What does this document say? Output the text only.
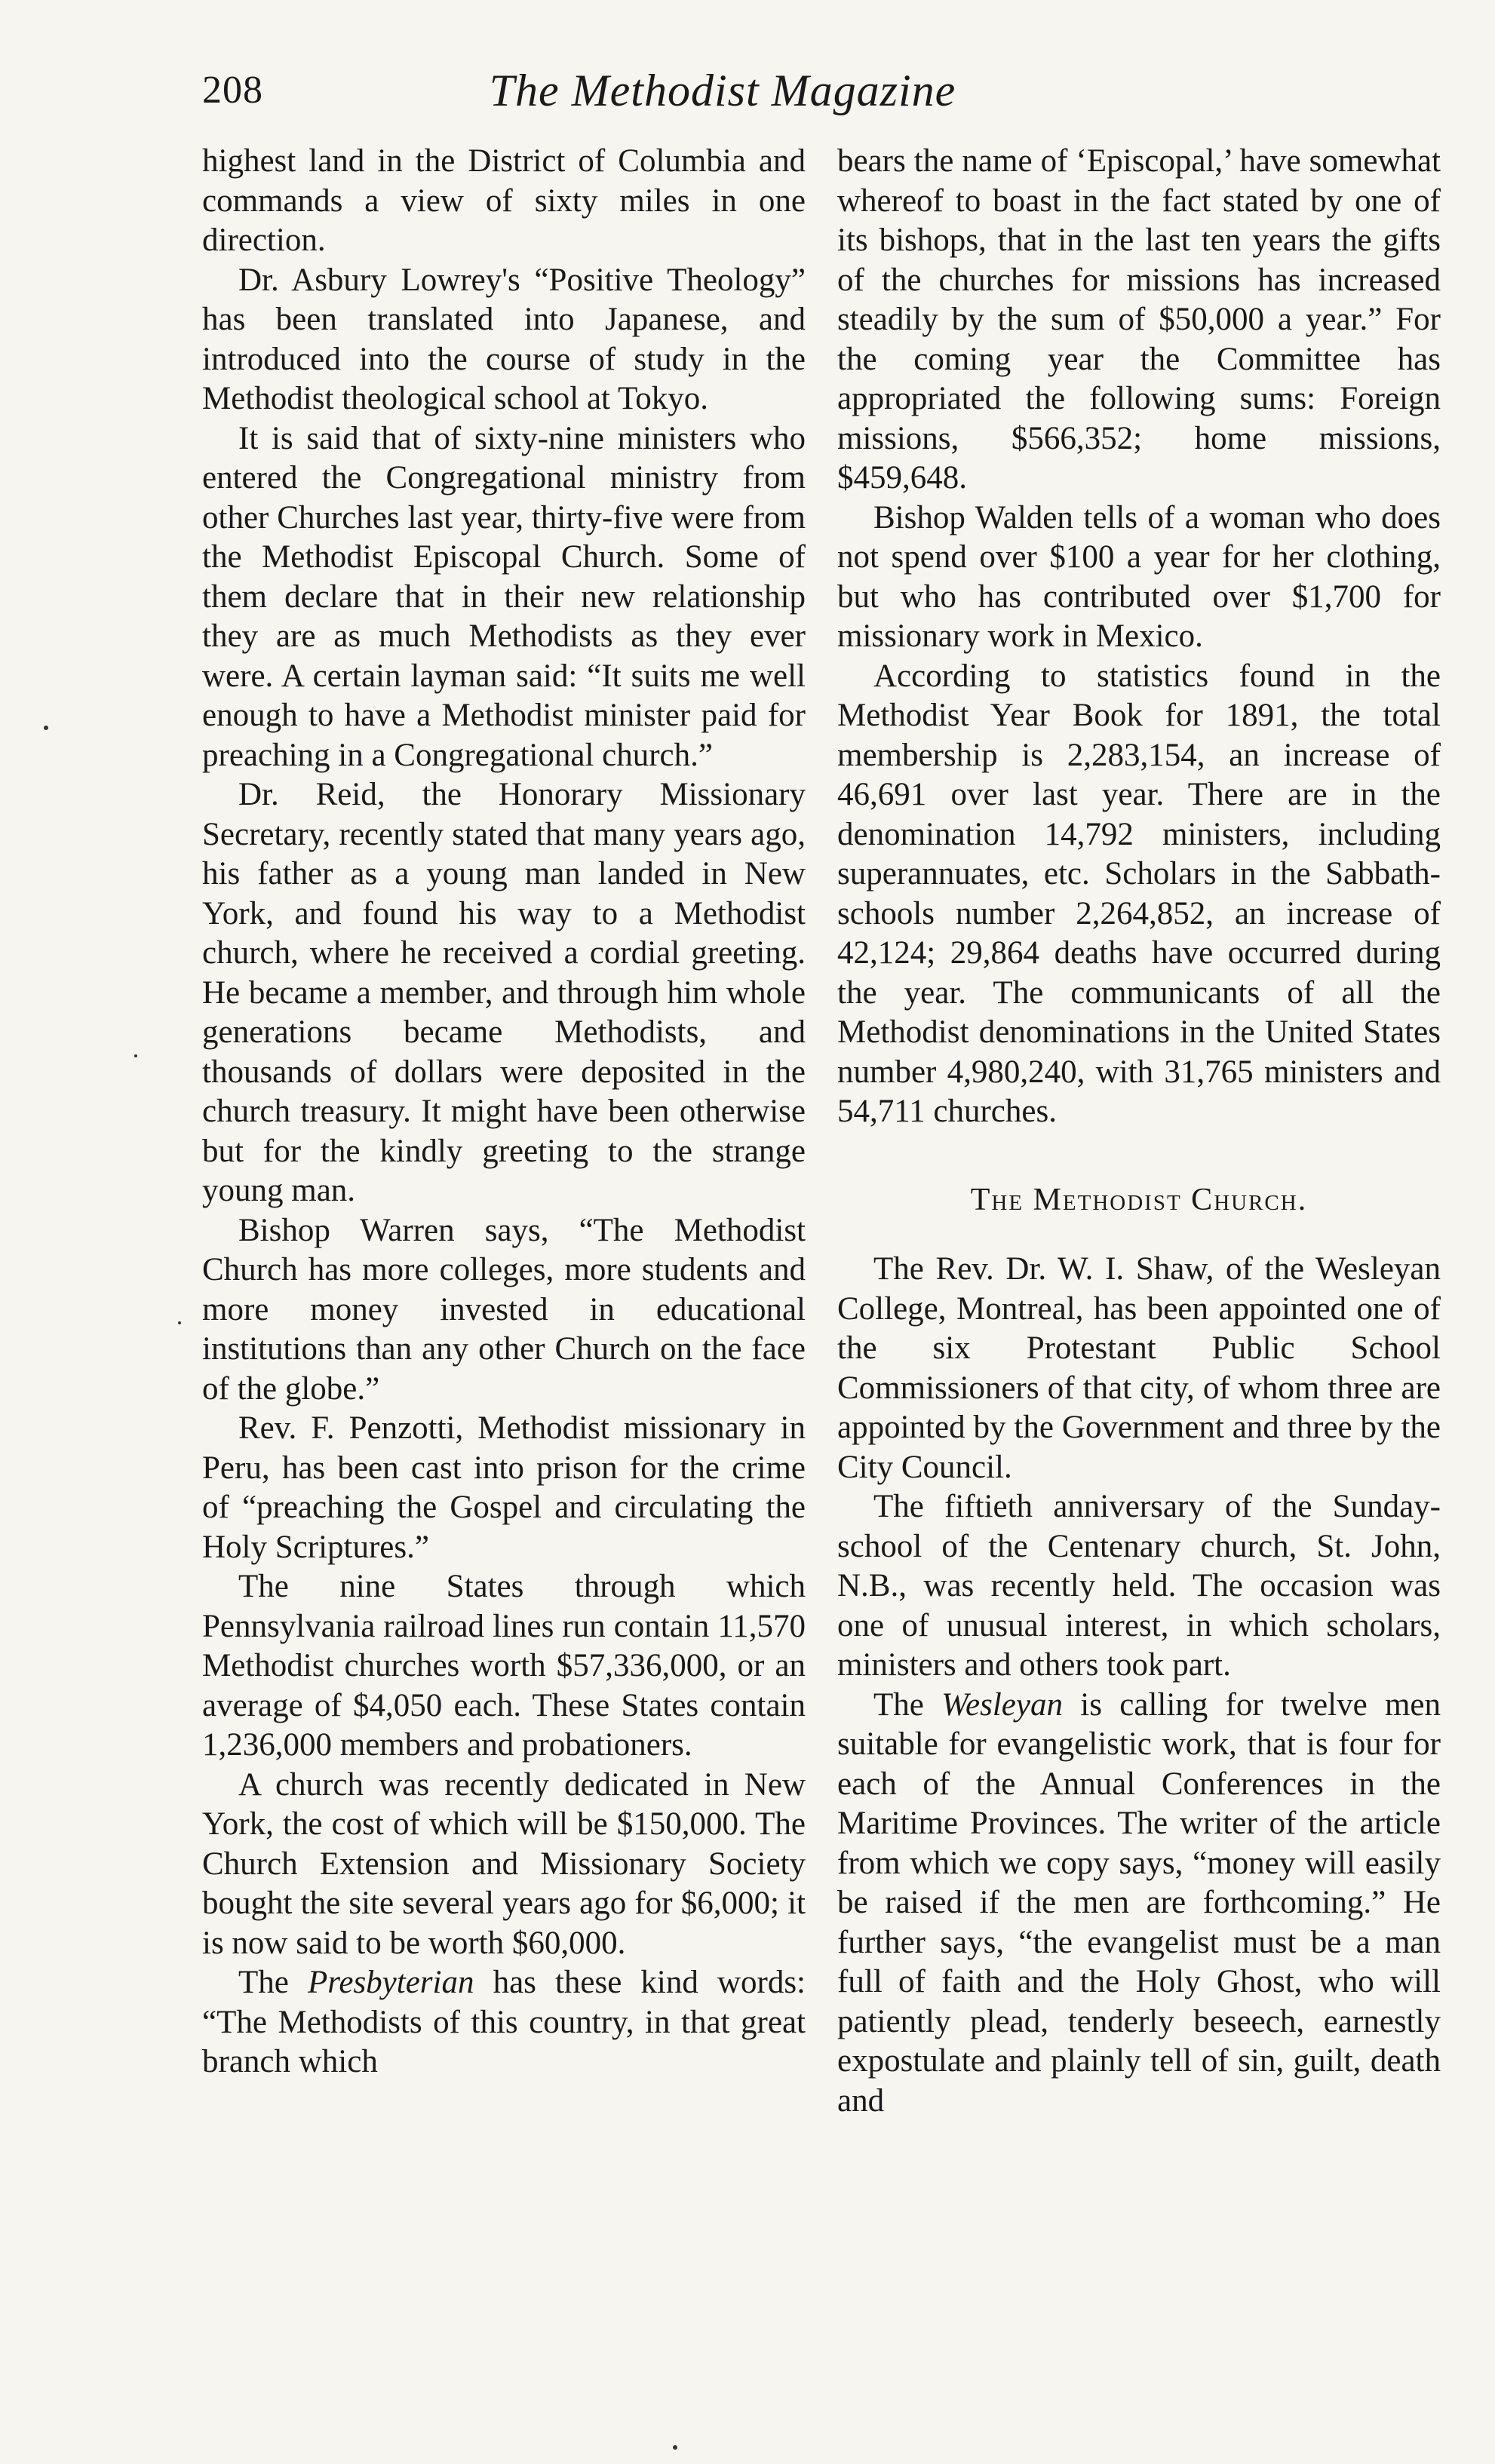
208	The Methodist Magazine

highest land in the District of Columbia and commands a view of sixty miles in one direction.

Dr. Asbury Lowrey's “Positive Theology” has been translated into Japanese, and introduced into the course of study in the Methodist theological school at Tokyo.

It is said that of sixty-nine ministers who entered the Congregational ministry from other Churches last year, thirty-five were from the Methodist Episcopal Church. Some of them declare that in their new relationship they are as much Methodists as they ever were. A certain layman said: “It suits me well enough to have a Methodist minister paid for preaching in a Congregational church.”

Dr. Reid, the Honorary Missionary Secretary, recently stated that many years ago, his father as a young man landed in New York, and found his way to a Methodist church, where he received a cordial greeting. He became a member, and through him whole generations became Methodists, and thousands of dollars were deposited in the church treasury. It might have been otherwise but for the kindly greeting to the strange young man.

Bishop Warren says, “The Methodist Church has more colleges, more students and more money invested in educational institutions than any other Church on the face of the globe.”

Rev. F. Penzotti, Methodist missionary in Peru, has been cast into prison for the crime of “preaching the Gospel and circulating the Holy Scriptures.”

The nine States through which Pennsylvania railroad lines run contain 11,570 Methodist churches worth $57,336,000, or an average of $4,050 each. These States contain 1,236,000 members and probationers.

A church was recently dedicated in New York, the cost of which will be $150,000. The Church Extension and Missionary Society bought the site several years ago for $6,000; it is now said to be worth $60,000.

The Presbyterian has these kind words: “The Methodists of this country, in that great branch which

bears the name of ‘Episcopal,’ have somewhat whereof to boast in the fact stated by one of its bishops, that in the last ten years the gifts of the churches for missions has increased steadily by the sum of $50,000 a year.” For the coming year the Committee has appropriated the following sums: Foreign missions, $566,352; home missions, $459,648.

Bishop Walden tells of a woman who does not spend over $100 a year for her clothing, but who has contributed over $1,700 for missionary work in Mexico.

According to statistics found in the Methodist Year Book for 1891, the total membership is 2,283,154, an increase of 46,691 over last year. There are in the denomination 14,792 ministers, including superannuates, etc. Scholars in the Sabbath-schools number 2,264,852, an increase of 42,124; 29,864 deaths have occurred during the year. The communicants of all the Methodist denominations in the United States number 4,980,240, with 31,765 ministers and 54,711 churches.

The Methodist Church.

The Rev. Dr. W. I. Shaw, of the Wesleyan College, Montreal, has been appointed one of the six Protestant Public School Commissioners of that city, of whom three are appointed by the Government and three by the City Council.

The fiftieth anniversary of the Sunday-school of the Centenary church, St. John, N.B., was recently held. The occasion was one of unusual interest, in which scholars, ministers and others took part.

The Wesleyan is calling for twelve men suitable for evangelistic work, that is four for each of the Annual Conferences in the Maritime Provinces. The writer of the article from which we copy says, “money will easily be raised if the men are forthcoming.” He further says, “the evangelist must be a man full of faith and the Holy Ghost, who will patiently plead, tenderly beseech, earnestly expostulate and plainly tell of sin, guilt, death and
